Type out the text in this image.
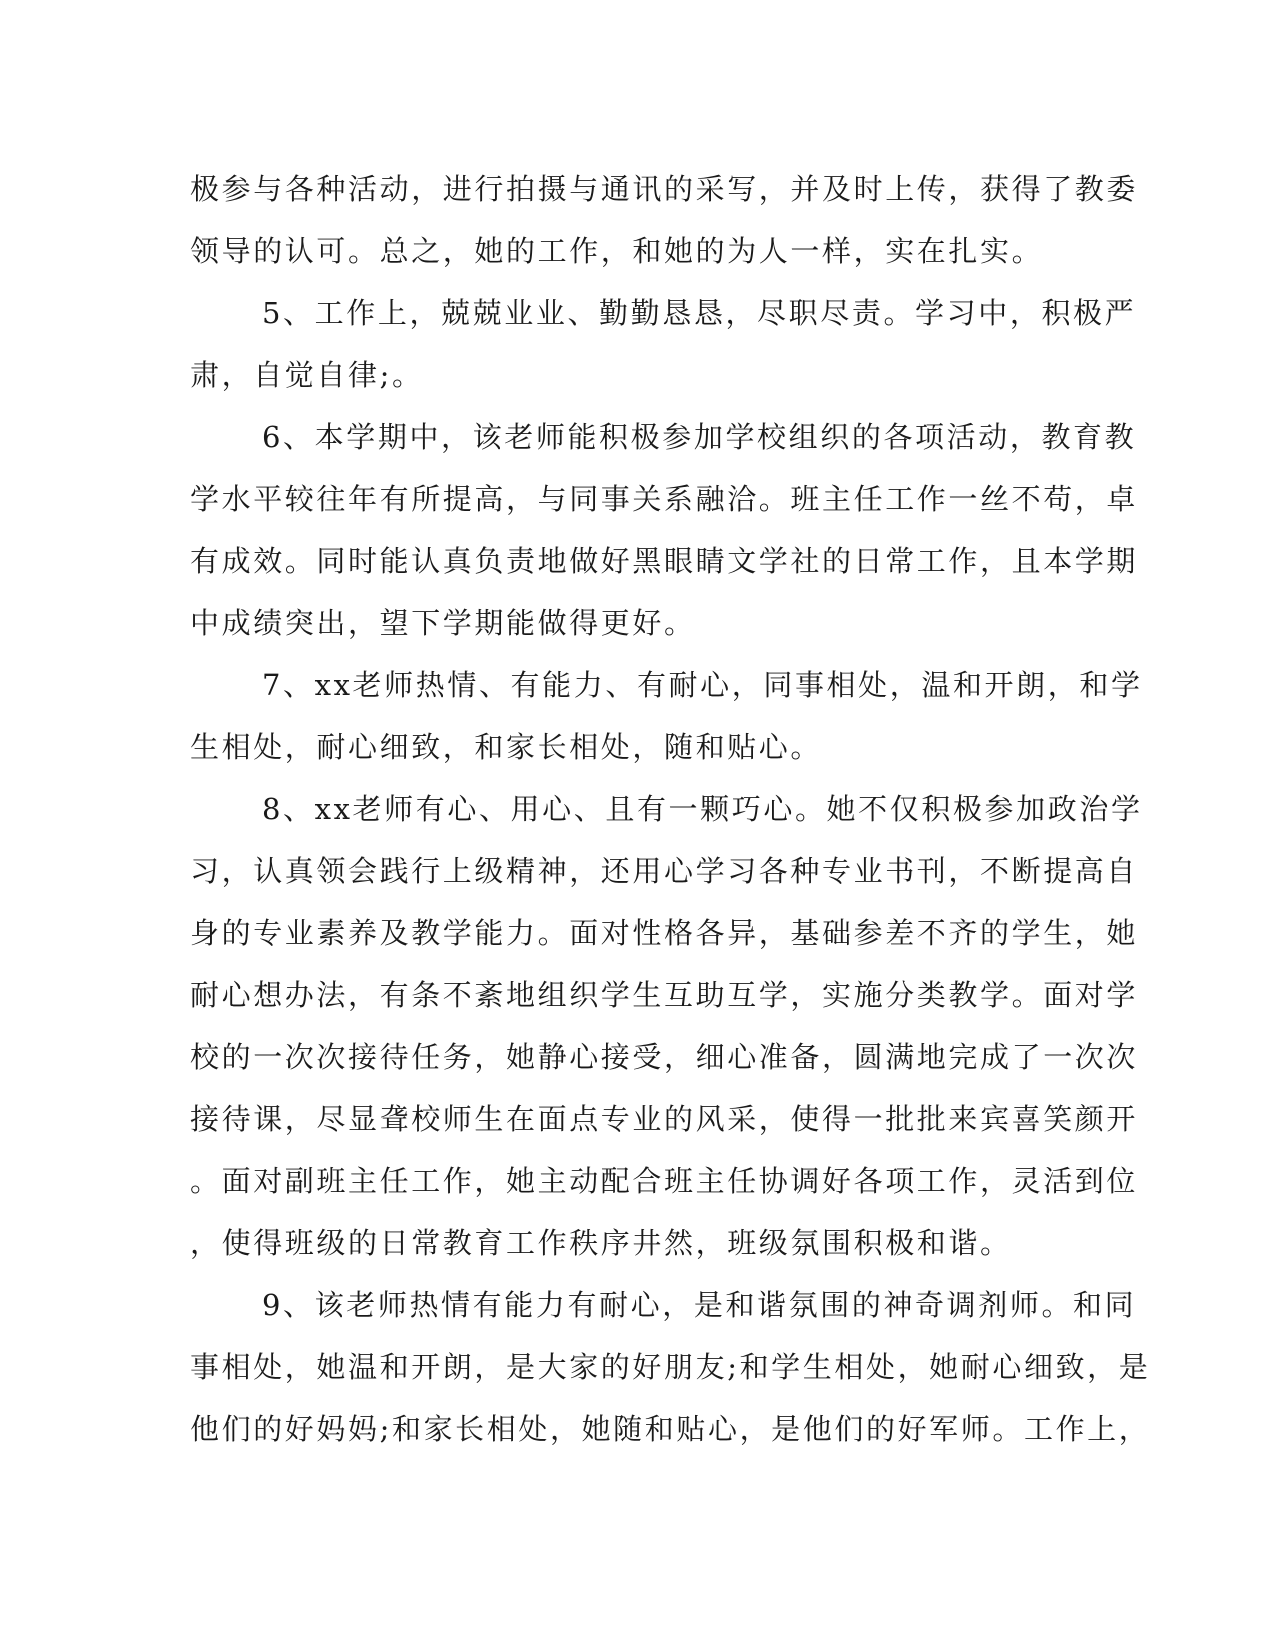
极参与各种活动，进行拍摄与通讯的采写，并及时上传，获得了教委
领导的认可。总之，她的工作，和她的为人一样，实在扎实。
5、工作上，兢兢业业、勤勤恳恳，尽职尽责。学习中，积极严
肃，自觉自律;。
6、本学期中，该老师能积极参加学校组织的各项活动，教育教
学水平较往年有所提高，与同事关系融洽。班主任工作一丝不苟，卓
有成效。同时能认真负责地做好黑眼睛文学社的日常工作，且本学期
中成绩突出，望下学期能做得更好。
7、xx老师热情、有能力、有耐心，同事相处，温和开朗，和学
生相处，耐心细致，和家长相处，随和贴心。
8、xx老师有心、用心、且有一颗巧心。她不仅积极参加政治学
习，认真领会践行上级精神，还用心学习各种专业书刊，不断提高自
身的专业素养及教学能力。面对性格各异，基础参差不齐的学生，她
耐心想办法，有条不紊地组织学生互助互学，实施分类教学。面对学
校的一次次接待任务，她静心接受，细心准备，圆满地完成了一次次
接待课，尽显聋校师生在面点专业的风采，使得一批批来宾喜笑颜开
。面对副班主任工作，她主动配合班主任协调好各项工作，灵活到位
，使得班级的日常教育工作秩序井然，班级氛围积极和谐。
9、该老师热情有能力有耐心，是和谐氛围的神奇调剂师。和同
事相处，她温和开朗，是大家的好朋友;和学生相处，她耐心细致，是
他们的好妈妈;和家长相处，她随和贴心，是他们的好军师。工作上，
